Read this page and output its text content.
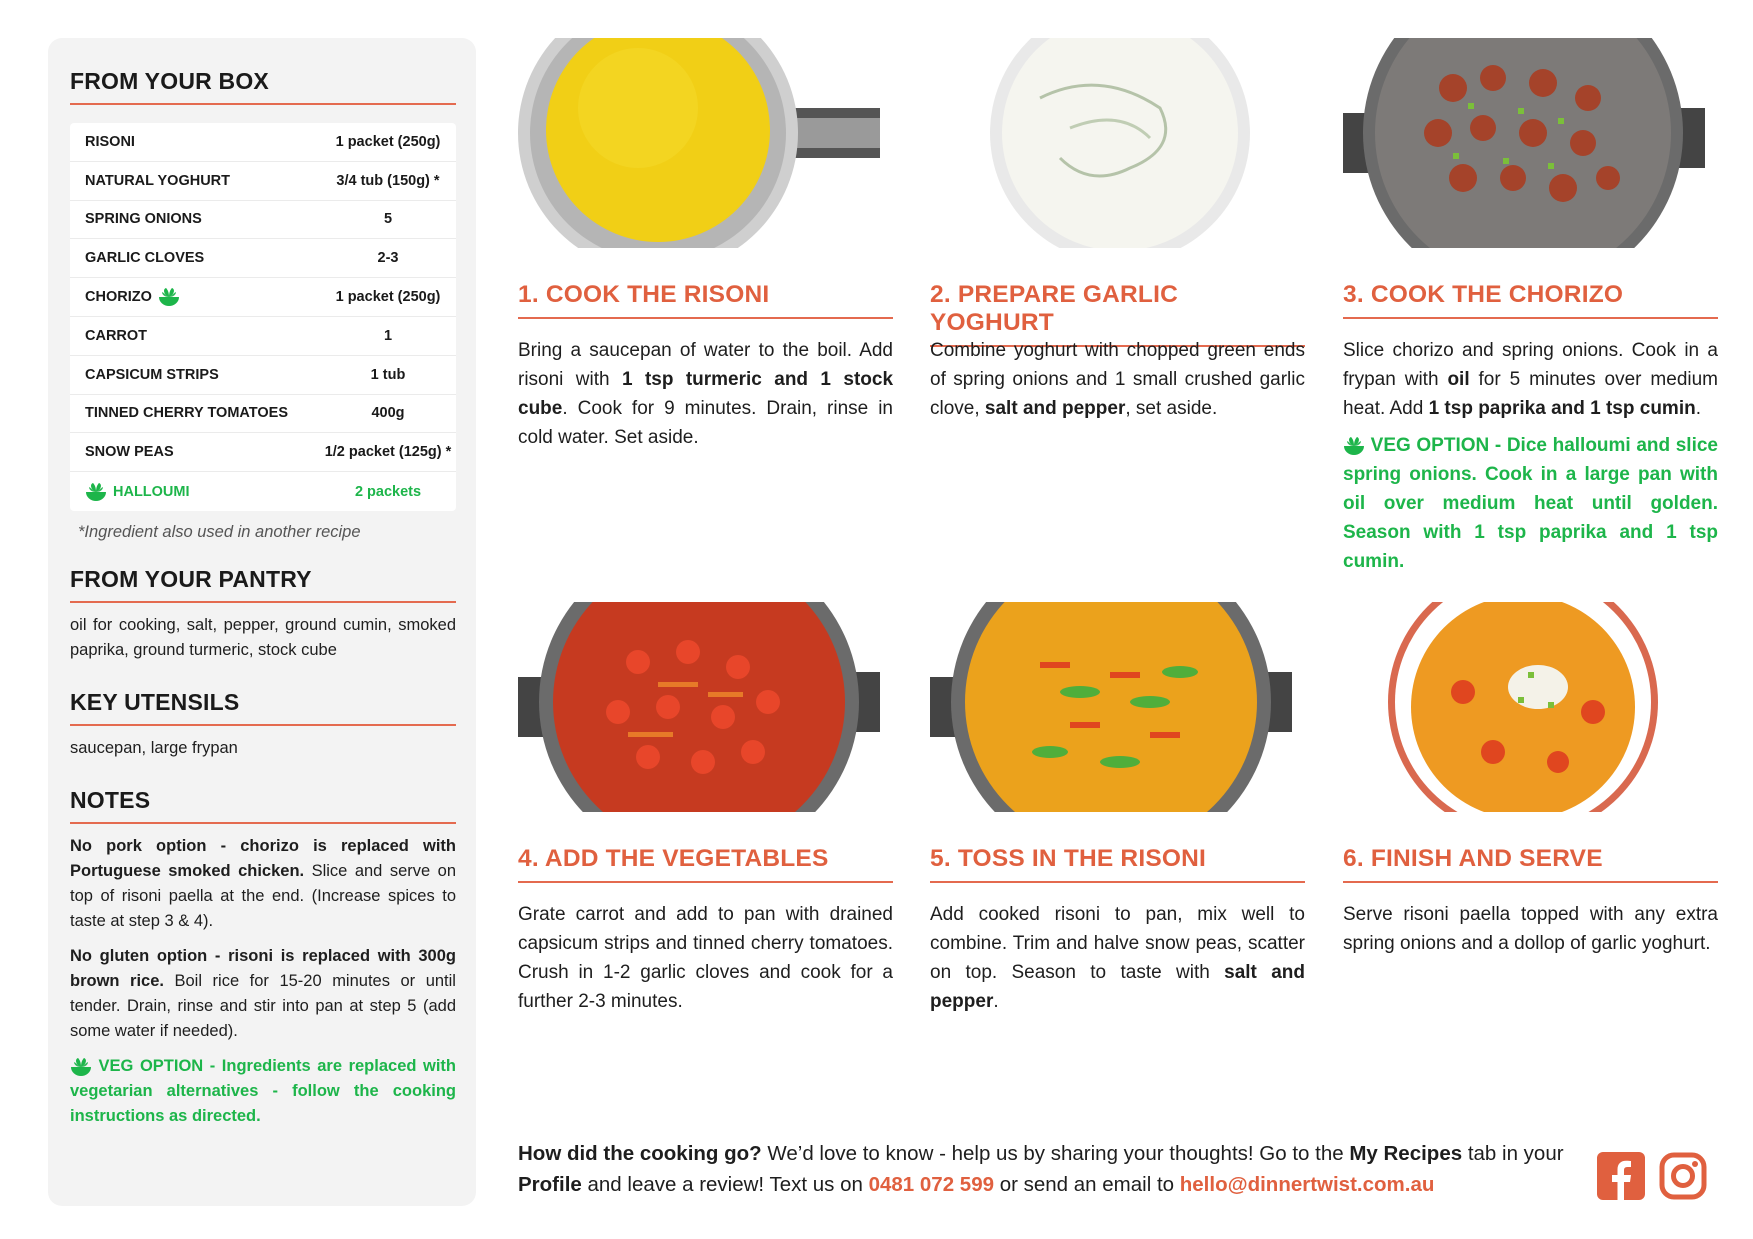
FROM YOUR BOX
RISONI	1 packet (250g)
NATURAL YOGHURT	3/4 tub (150g) *
SPRING ONIONS	5
GARLIC CLOVES	2-3
CHORIZO	1 packet (250g)
CARROT	1
CAPSICUM STRIPS	1 tub
TINNED CHERRY TOMATOES	400g
SNOW PEAS	1/2 packet (125g) *
HALLOUMI	2 packets
*Ingredient also used in another recipe
FROM YOUR PANTRY
oil for cooking, salt, pepper, ground cumin, smoked paprika, ground turmeric, stock cube
KEY UTENSILS
saucepan, large frypan
NOTES

No pork option - chorizo is replaced with Portuguese smoked chicken. Slice and serve on top of risoni paella at the end. (Increase spices to taste at step 3 & 4).

No gluten option - risoni is replaced with 300g brown rice. Boil rice for 15-20 minutes or until tender. Drain, rinse and stir into pan at step 5 (add some water if needed).

VEG OPTION - Ingredients are replaced with vegetarian alternatives - follow the cooking instructions as directed.

1. COOK THE RISONI
Bring a saucepan of water to the boil. Add risoni with 1 tsp turmeric and 1 stock cube. Cook for 9 minutes. Drain, rinse in cold water. Set aside.
2. PREPARE GARLIC YOGHURT
Combine yoghurt with chopped green ends of spring onions and 1 small crushed garlic clove, salt and pepper, set aside.
3. COOK THE CHORIZO
Slice chorizo and spring onions. Cook in a frypan with oil for 5 minutes over medium heat. Add 1 tsp paprika and 1 tsp cumin.
VEG OPTION - Dice halloumi and slice spring onions. Cook in a large pan with oil over medium heat until golden. Season with 1 tsp paprika and 1 tsp cumin.
4. ADD THE VEGETABLES
Grate carrot and add to pan with drained capsicum strips and tinned cherry tomatoes. Crush in 1-2 garlic cloves and cook for a further 2-3 minutes.
5. TOSS IN THE RISONI
Add cooked risoni to pan, mix well to combine. Trim and halve snow peas, scatter on top. Season to taste with salt and pepper.
6. FINISH AND SERVE
Serve risoni paella topped with any extra spring onions and a dollop of garlic yoghurt.
How did the cooking go? We’d love to know - help us by sharing your thoughts! Go to the My Recipes tab in your Profile and leave a review! Text us on 0481 072 599 or send an email to hello@dinnertwist.com.au
